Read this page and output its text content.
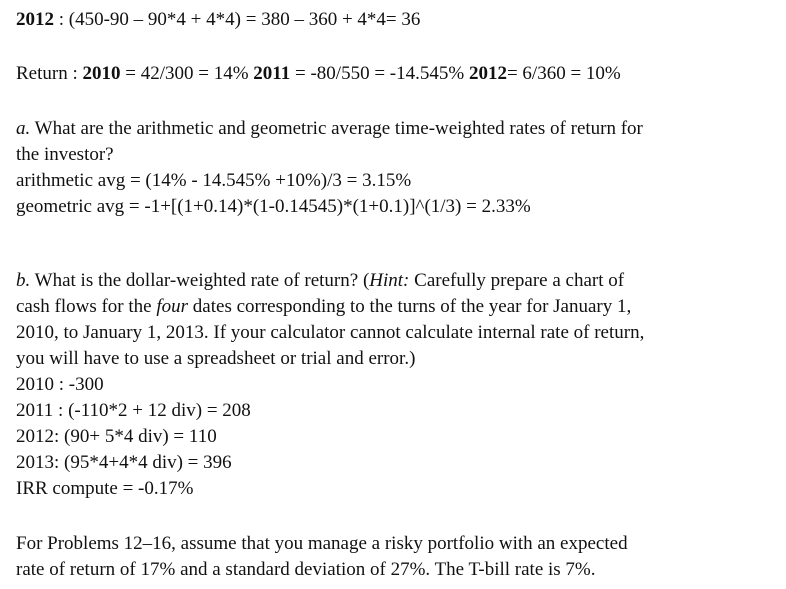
2012 : (450-90 – 90*4 + 4*4) = 380 – 360 + 4*4= 36
Return : 2010 = 42/300 = 14% 2011 = -80/550 = -14.545% 2012= 6/360 = 10%
a. What are the arithmetic and geometric average time-weighted rates of return for
the investor?
arithmetic avg = (14% - 14.545% +10%)/3 = 3.15%
geometric avg = -1+[(1+0.14)*(1-0.14545)*(1+0.1)]^(1/3) = 2.33%
b. What is the dollar-weighted rate of return? (Hint: Carefully prepare a chart of
cash flows for the four dates corresponding to the turns of the year for January 1,
2010, to January 1, 2013. If your calculator cannot calculate internal rate of return,
you will have to use a spreadsheet or trial and error.)
2010 : -300
2011 : (-110*2 + 12 div) = 208
2012: (90+ 5*4 div) = 110
2013: (95*4+4*4 div) = 396
IRR compute = -0.17%
For Problems 12–16, assume that you manage a risky portfolio with an expected
rate of return of 17% and a standard deviation of 27%. The T-bill rate is 7%.
